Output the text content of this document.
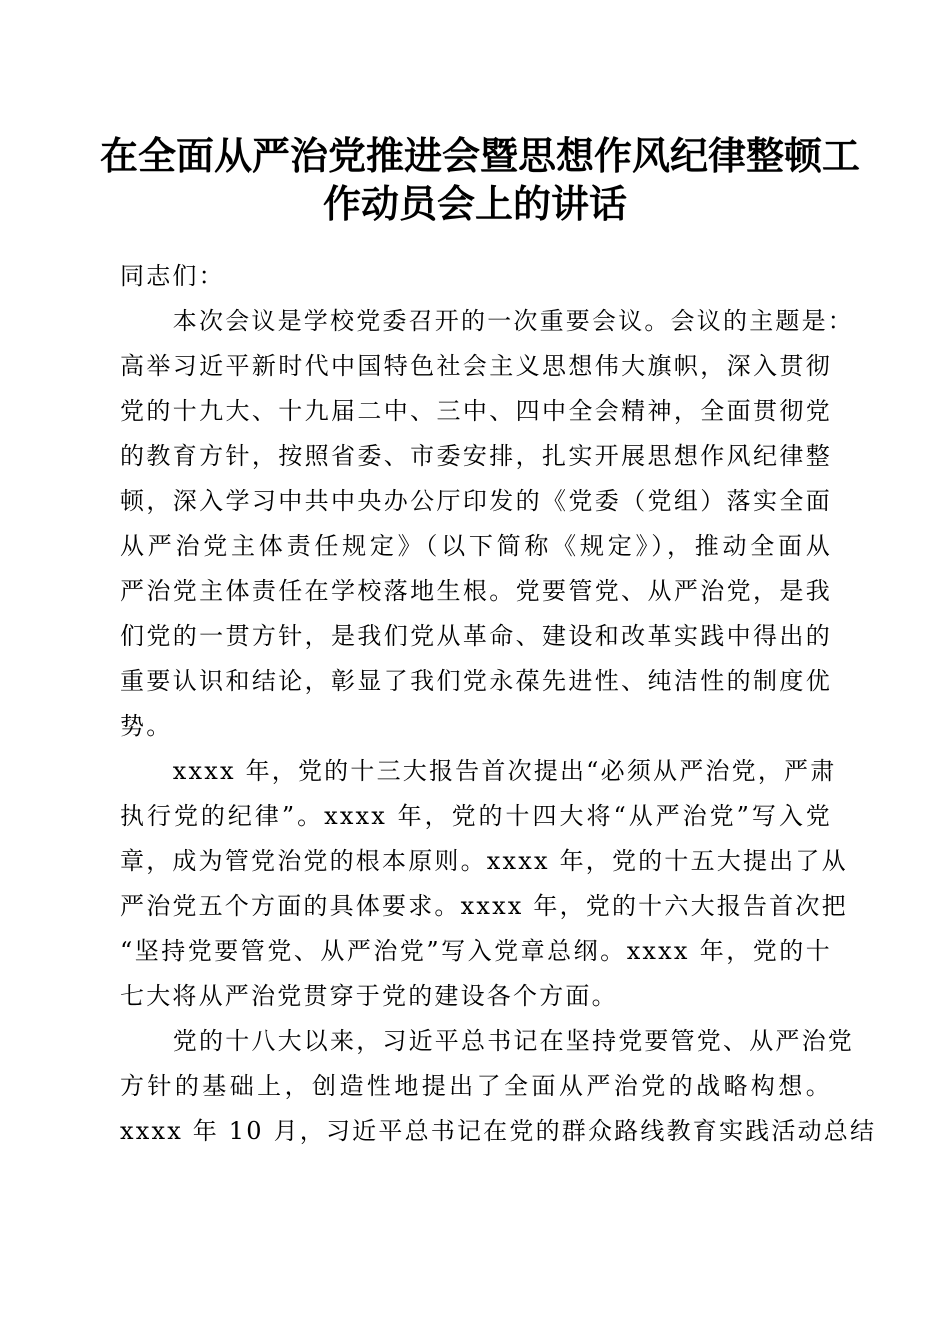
在全面从严治党推进会暨思想作风纪律整顿工
作动员会上的讲话

同志们：

本次会议是学校党委召开的一次重要会议。会议的主题是：
高举习近平新时代中国特色社会主义思想伟大旗帜，深入贯彻
党的十九大、十九届二中、三中、四中全会精神，全面贯彻党
的教育方针，按照省委、市委安排，扎实开展思想作风纪律整
顿，深入学习中共中央办公厅印发的《党委（党组）落实全面
从严治党主体责任规定》（以下简称《规定》），推动全面从
严治党主体责任在学校落地生根。党要管党、从严治党，是我
们党的一贯方针，是我们党从革命、建设和改革实践中得出的
重要认识和结论，彰显了我们党永葆先进性、纯洁性的制度优
势。

xxxx 年，党的十三大报告首次提出“必须从严治党，严肃
执行党的纪律”。xxxx 年，党的十四大将“从严治党”写入党
章，成为管党治党的根本原则。xxxx 年，党的十五大提出了从
严治党五个方面的具体要求。xxxx 年，党的十六大报告首次把
“坚持党要管党、从严治党”写入党章总纲。xxxx 年，党的十
七大将从严治党贯穿于党的建设各个方面。

党的十八大以来，习近平总书记在坚持党要管党、从严治党
方针的基础上，创造性地提出了全面从严治党的战略构想。
xxxx 年 10 月，习近平总书记在党的群众路线教育实践活动总结
